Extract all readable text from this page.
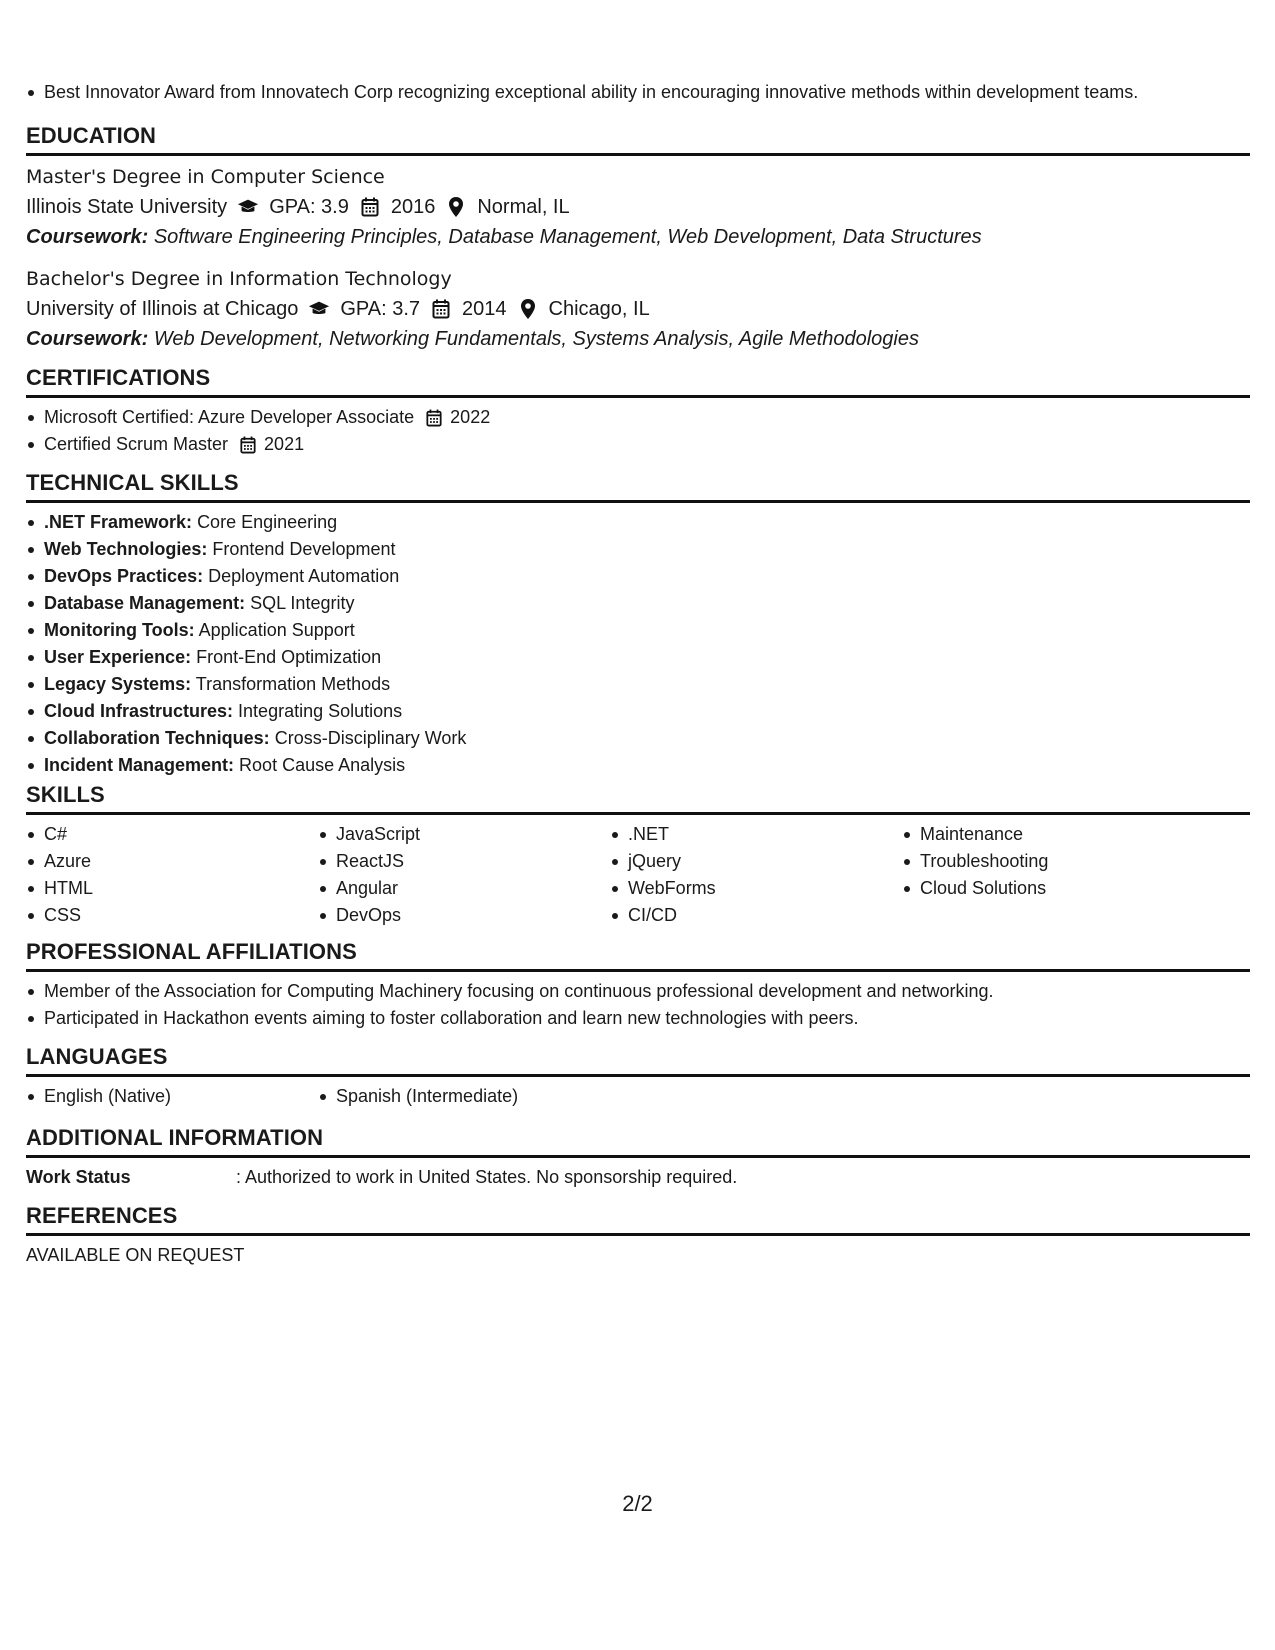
Best Innovator Award from Innovatech Corp recognizing exceptional ability in encouraging innovative methods within development teams.
EDUCATION
Master's Degree in Computer Science
Illinois State University GPA: 3.9 2016 Normal, IL
Coursework: Software Engineering Principles, Database Management, Web Development, Data Structures
Bachelor's Degree in Information Technology
University of Illinois at Chicago GPA: 3.7 2014 Chicago, IL
Coursework: Web Development, Networking Fundamentals, Systems Analysis, Agile Methodologies
CERTIFICATIONS
Microsoft Certified: Azure Developer Associate 2022
Certified Scrum Master 2021
TECHNICAL SKILLS
.NET Framework: Core Engineering
Web Technologies: Frontend Development
DevOps Practices: Deployment Automation
Database Management: SQL Integrity
Monitoring Tools: Application Support
User Experience: Front-End Optimization
Legacy Systems: Transformation Methods
Cloud Infrastructures: Integrating Solutions
Collaboration Techniques: Cross-Disciplinary Work
Incident Management: Root Cause Analysis
SKILLS
C#
Azure
HTML
CSS
JavaScript
ReactJS
Angular
DevOps
.NET
jQuery
WebForms
CI/CD
Maintenance
Troubleshooting
Cloud Solutions
PROFESSIONAL AFFILIATIONS
Member of the Association for Computing Machinery focusing on continuous professional development and networking.
Participated in Hackathon events aiming to foster collaboration and learn new technologies with peers.
LANGUAGES
English (Native)	Spanish (Intermediate)
ADDITIONAL INFORMATION
Work Status	: Authorized to work in United States. No sponsorship required.
REFERENCES
AVAILABLE ON REQUEST
2/2
